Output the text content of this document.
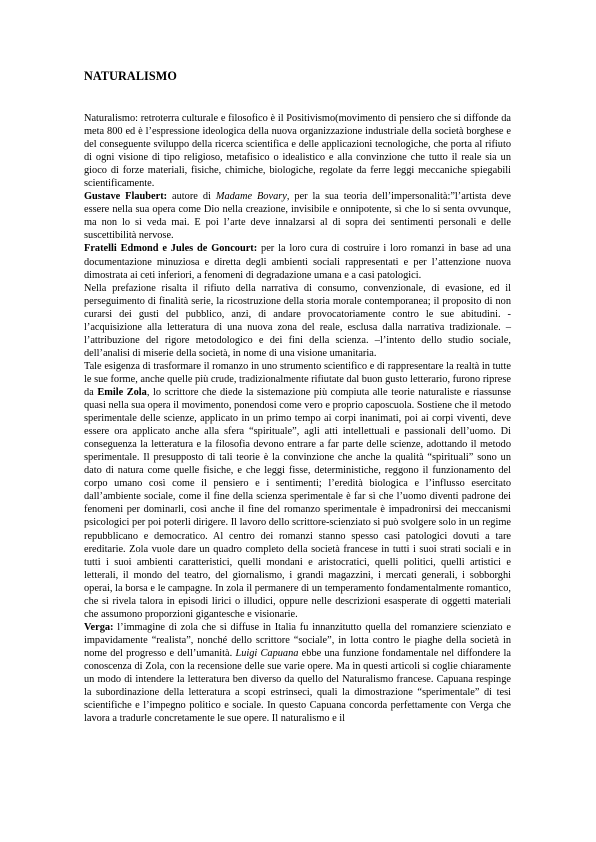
NATURALISMO

Naturalismo: retroterra culturale e filosofico è il Positivismo(movimento di pensiero che si diffonde da meta 800 ed è l’espressione ideologica della nuova organizzazione industriale della società borghese e del conseguente sviluppo della ricerca scientifica e delle applicazioni tecnologiche, che porta al rifiuto di ogni visione di tipo religioso, metafisico o idealistico e alla convinzione che tutto il reale sia un gioco di forze materiali, fisiche, chimiche, biologiche, regolate da ferre leggi meccaniche spiegabili scientificamente.

Gustave Flaubert: autore di Madame Bovary, per la sua teoria dell’impersonalità:”l’artista deve essere nella sua opera come Dio nella creazione, invisibile e onnipotente, sì che lo si senta ovvunque, ma non lo si veda mai. E poi l’arte deve innalzarsi al di sopra dei sentimenti personali e delle suscettibilità nervose.

Fratelli Edmond e Jules de Goncourt: per la loro cura di costruire i loro romanzi in base ad una documentazione minuziosa e diretta degli ambienti sociali rappresentati e per l’attenzione nuova dimostrata ai ceti inferiori, a fenomeni di degradazione umana e a casi patologici.

Nella prefazione risalta il rifiuto della narrativa di consumo, convenzionale, di evasione, ed il perseguimento di finalità serie, la ricostruzione della storia morale contemporanea; il proposito di non curarsi dei gusti del pubblico, anzi, di andare provocatoriamente contro le sue abitudini. -l’acquisizione alla letteratura di una nuova zona del reale, esclusa dalla narrativa tradizionale. – l’attribuzione del rigore metodologico e dei fini della scienza. –l’intento dello studio sociale, dell’analisi di miserie della società, in nome di una visione umanitaria.

Tale esigenza di trasformare il romanzo in uno strumento scientifico e di rappresentare la realtà in tutte le sue forme, anche quelle più crude, tradizionalmente rifiutate dal buon gusto letterario, furono riprese da Emile Zola, lo scrittore che diede la sistemazione più compiuta alle teorie naturaliste e riassunse quasi nella sua opera il movimento, ponendosi come vero e proprio caposcuola. Sostiene che il metodo sperimentale delle scienze, applicato in un primo tempo ai corpi inanimati, poi ai corpi viventi, deve essere ora applicato anche alla sfera “spirituale”, agli atti intellettuali e passionali dell’uomo. Di conseguenza la letteratura e la filosofia devono entrare a far parte delle scienze, adottando il metodo sperimentale. Il presupposto di tali teorie è la convinzione che anche la qualità “spirituali” sono un dato di natura come quelle fisiche, e che leggi fisse, deterministiche, reggono il funzionamento del corpo umano così come il pensiero e i sentimenti; l’eredità biologica e l’influsso esercitato dall’ambiente sociale, come il fine della scienza sperimentale è far sì che l’uomo diventi padrone dei fenomeni per dominarli, così anche il fine del romanzo sperimentale è impadronirsi dei meccanismi psicologici per poi poterli dirigere. Il lavoro dello scrittore-scienziato si può svolgere solo in un regime repubblicano e democratico. Al centro dei romanzi stanno spesso casi patologici dovuti a tare ereditarie. Zola vuole dare un quadro completo della società francese in tutti i suoi strati sociali e in tutti i suoi ambienti caratteristici, quelli mondani e aristocratici, quelli politici, quelli artistici e letterali, il mondo del teatro, del giornalismo, i grandi magazzini, i mercati generali, i sobborghi operai, la borsa e le campagne. In zola il permanere di un temperamento fondamentalmente romantico, che si rivela talora in episodi lirici o illudici, oppure nelle descrizioni esasperate di oggetti materiali che assumono proporzioni gigantesche e visionarie.

Verga: l’immagine di zola che si diffuse in Italia fu innanzitutto quella del romanziere scienziato e impavidamente “realista”, nonché dello scrittore “sociale”, in lotta contro le piaghe della società in nome del progresso e dell’umanità. Luigi Capuana ebbe una funzione fondamentale nel diffondere la conoscenza di Zola, con la recensione delle sue varie opere. Ma in questi articoli si coglie chiaramente un modo di intendere la letteratura ben diverso da quello del Naturalismo francese. Capuana respinge la subordinazione della letteratura a scopi estrinseci, quali la dimostrazione “sperimentale” di tesi scientifiche e l’impegno politico e sociale. In questo Capuana concorda perfettamente con Verga che lavora a tradurle concretamente le sue opere. Il naturalismo e il
